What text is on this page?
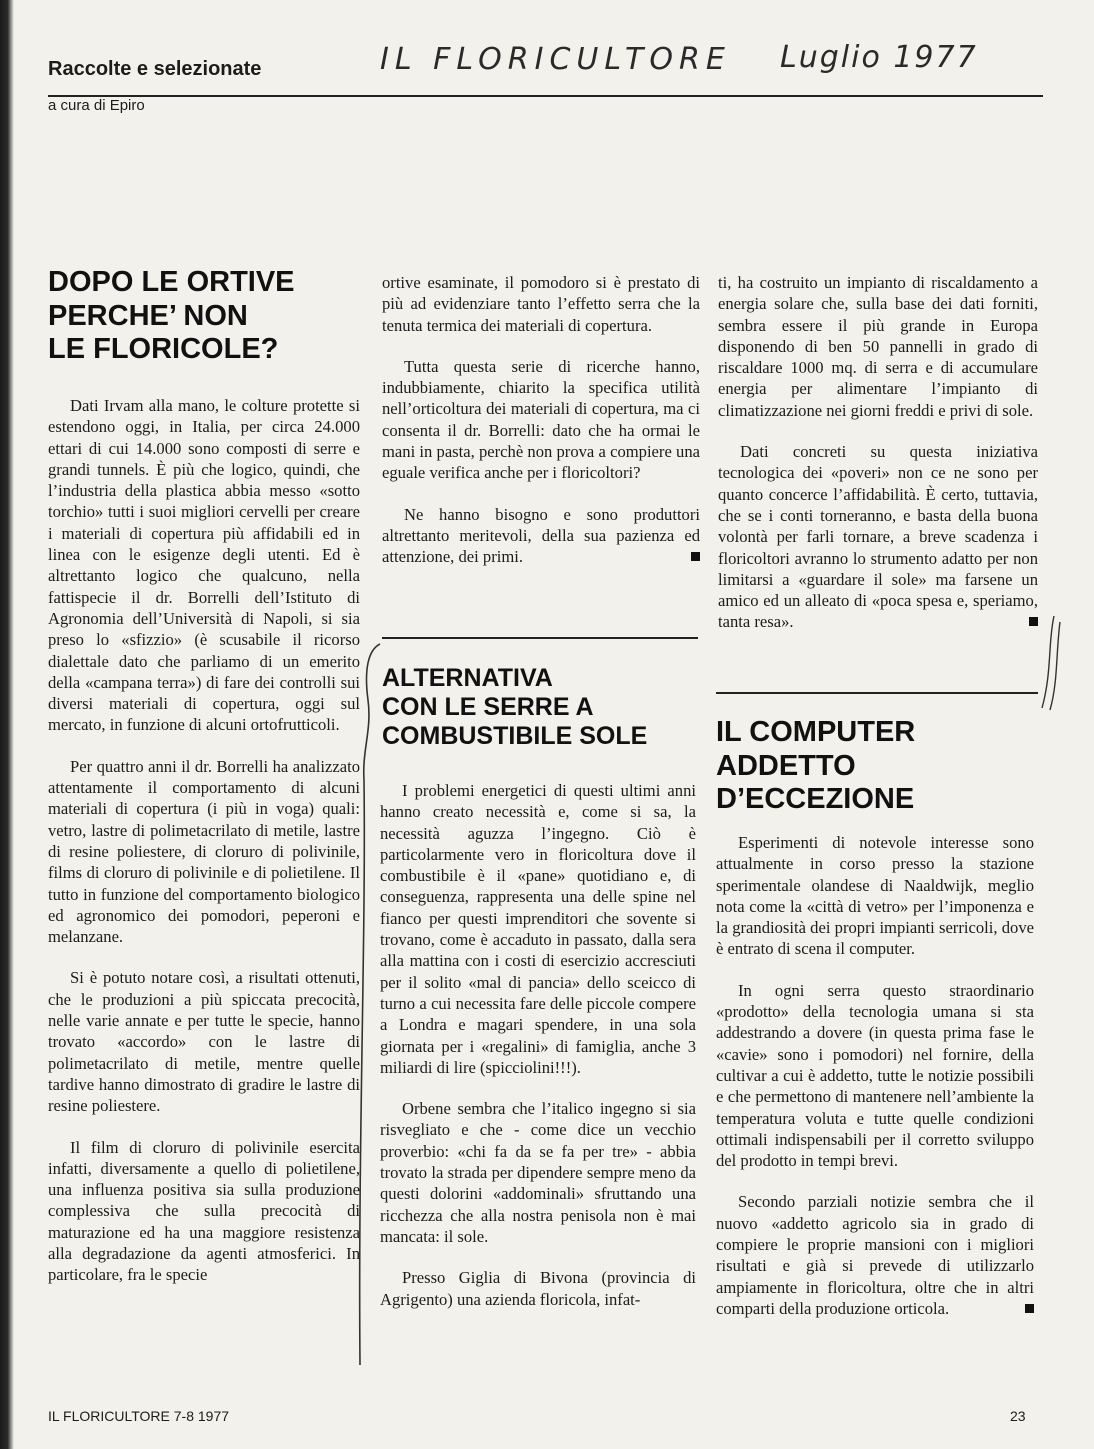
Raccolte e selezionate	IL FLORICULTORE Luglio 1977
a cura di Epiro
DOPO LE ORTIVE
PERCHE’ NON
LE FLORICOLE?

Dati Irvam alla mano, le colture protette si estendono oggi, in Italia, per circa 24.000 ettari di cui 14.000 sono composti di serre e grandi tunnels. È più che logico, quindi, che l’industria della plastica abbia messo «sotto torchio» tutti i suoi migliori cervelli per creare i materiali di copertura più affidabili ed in linea con le esigenze degli utenti. Ed è altrettanto logico che qualcuno, nella fattispecie il dr. Borrelli dell’Istituto di Agronomia dell’Università di Napoli, si sia preso lo «sfizzio» (è scusabile il ricorso dialettale dato che parliamo di un emerito della «campana terra») di fare dei controlli sui diversi materiali di copertura, oggi sul mercato, in funzione di alcuni ortofrutticoli.

Per quattro anni il dr. Borrelli ha analizzato attentamente il comportamento di alcuni materiali di copertura (i più in voga) quali: vetro, lastre di polimetacrilato di metile, lastre di resine poliestere, di cloruro di polivinile, films di cloruro di polivinile e di polietilene. Il tutto in funzione del comportamento biologico ed agronomico dei pomodori, peperoni e melanzane.

Si è potuto notare così, a risultati ottenuti, che le produzioni a più spiccata precocità, nelle varie annate e per tutte le specie, hanno trovato «accordo» con le lastre di polimetacrilato di metile, mentre quelle tardive hanno dimostrato di gradire le lastre di resine poliestere.

Il film di cloruro di polivinile esercita infatti, diversamente a quello di polietilene, una influenza positiva sia sulla produzione complessiva che sulla precocità di maturazione ed ha una maggiore resistenza alla degradazione da agenti atmosferici. In particolare, fra le specie

ortive esaminate, il pomodoro si è prestato di più ad evidenziare tanto l’effetto serra che la tenuta termica dei materiali di copertura.

Tutta questa serie di ricerche hanno, indubbiamente, chiarito la specifica utilità nell’orticoltura dei materiali di copertura, ma ci consenta il dr. Borrelli: dato che ha ormai le mani in pasta, perchè non prova a compiere una eguale verifica anche per i floricoltori?

Ne hanno bisogno e sono produttori altrettanto meritevoli, della sua pazienza ed attenzione, dei primi.

ALTERNATIVA
CON LE SERRE A
COMBUSTIBILE SOLE

I problemi energetici di questi ultimi anni hanno creato necessità e, come si sa, la necessità aguzza l’ingegno. Ciò è particolarmente vero in floricoltura dove il combustibile è il «pane» quotidiano e, di conseguenza, rappresenta una delle spine nel fianco per questi imprenditori che sovente si trovano, come è accaduto in passato, dalla sera alla mattina con i costi di esercizio accresciuti per il solito «mal di pancia» dello sceicco di turno a cui necessita fare delle piccole compere a Londra e magari spendere, in una sola giornata per i «regalini» di famiglia, anche 3 miliardi di lire (spicciolini!!!).

Orbene sembra che l’italico ingegno si sia risvegliato e che - come dice un vecchio proverbio: «chi fa da se fa per tre» - abbia trovato la strada per dipendere sempre meno da questi dolorini «addominali» sfruttando una ricchezza che alla nostra penisola non è mai mancata: il sole.

Presso Giglia di Bivona (provincia di Agrigento) una azienda floricola, infat-

ti, ha costruito un impianto di riscaldamento a energia solare che, sulla base dei dati forniti, sembra essere il più grande in Europa disponendo di ben 50 pannelli in grado di riscaldare 1000 mq. di serra e di accumulare energia per alimentare l’impianto di climatizzazione nei giorni freddi e privi di sole.

Dati concreti su questa iniziativa tecnologica dei «poveri» non ce ne sono per quanto concerce l’affidabilità. È certo, tuttavia, che se i conti torneranno, e basta della buona volontà per farli tornare, a breve scadenza i floricoltori avranno lo strumento adatto per non limitarsi a «guardare il sole» ma farsene un amico ed un alleato di «poca spesa e, speriamo, tanta resa».

IL COMPUTER
ADDETTO
D’ECCEZIONE

Esperimenti di notevole interesse sono attualmente in corso presso la stazione sperimentale olandese di Naaldwijk, meglio nota come la «città di vetro» per l’imponenza e la grandiosità dei propri impianti serricoli, dove è entrato di scena il computer.

In ogni serra questo straordinario «prodotto» della tecnologia umana si sta addestrando a dovere (in questa prima fase le «cavie» sono i pomodori) nel fornire, della cultivar a cui è addetto, tutte le notizie possibili e che permettono di mantenere nell’ambiente la temperatura voluta e tutte quelle condizioni ottimali indispensabili per il corretto sviluppo del prodotto in tempi brevi.

Secondo parziali notizie sembra che il nuovo «addetto agricolo sia in grado di compiere le proprie mansioni con i migliori risultati e già si prevede di utilizzarlo ampiamente in floricoltura, oltre che in altri comparti della produzione orticola.

IL FLORICULTORE 7-8 1977	23
